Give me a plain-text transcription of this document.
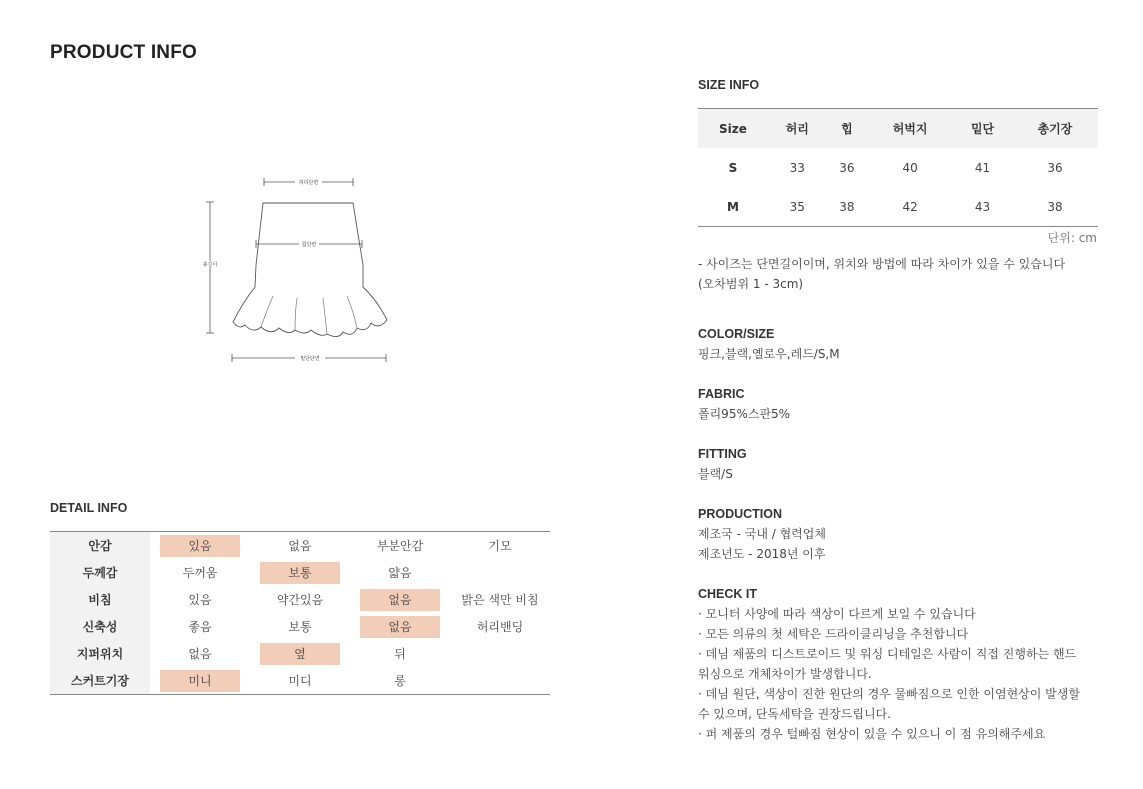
PRODUCT INFO
허리단면
총길이
힙단면
밑단단면
DETAIL INFO
안감	있음	없음	부분안감	기모
두께감	두꺼움	보통	얇음	
비침	있음	약간있음	없음	밝은 색만 비침
신축성	좋음	보통	없음	허리밴딩
지퍼위치	없음	옆	뒤	
스커트기장	미니	미디	롱	
SIZE INFO
Size	허리	힙	허벅지	밑단	총기장
S	33	36	40	41	36
M	35	38	42	43	38
단위: cm
- 사이즈는 단면길이이며, 위치와 방법에 따라 차이가 있을 수 있습니다
(오차범위 1 - 3cm)
COLOR/SIZE
핑크,블랙,옐로우,레드/S,M
FABRIC
폴리95%스판5%
FITTING
블랙/S
PRODUCTION
제조국 - 국내 / 협력업체
제조년도 - 2018년 이후
CHECK IT
· 모니터 사양에 따라 색상이 다르게 보일 수 있습니다
· 모든 의류의 첫 세탁은 드라이클리닝을 추천합니다
· 데님 제품의 디스트로이드 및 워싱 디테일은 사람이 직접 진행하는 핸드
워싱으로 개체차이가 발생합니다.
· 데님 원단, 색상이 진한 원단의 경우 물빠짐으로 인한 이염현상이 발생할
수 있으며, 단독세탁을 권장드립니다.
· 퍼 제품의 경우 털빠짐 현상이 있을 수 있으니 이 점 유의해주세요
